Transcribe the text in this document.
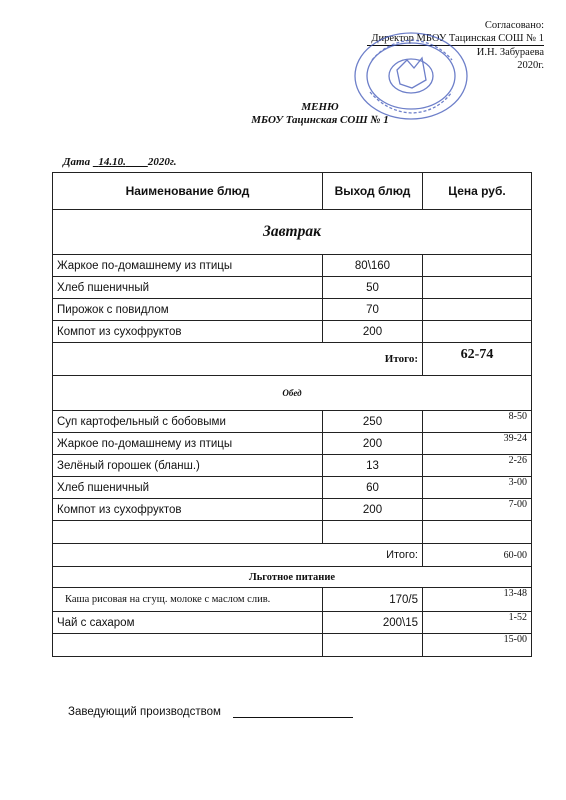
Согласовано:
Директор МБОУ Тацинская СОШ № 1
И.Н. Забураева
2020г.
МЕНЮ
МБОУ Тацинская СОШ № 1
Дата 14.10. 2020г.
Наименование блюд	Выход блюд	Цена руб.
Завтрак		
Жаркое по-домашнему из птицы	80\160	
Хлеб пшеничный	50	
Пирожок с повидлом	70	
Компот из сухофруктов	200	
Итого:		62-74
Обед		
Суп картофельный с бобовыми	250	8-50
Жаркое по-домашнему из птицы	200	39-24
Зелёный горошек (бланш.)	13	2-26
Хлеб пшеничный	60	3-00
Компот из сухофруктов	200	7-00

Итого:		60-00
Льготное питание		
Каша рисовая на сгущ. молоке с маслом слив.	170/5	13-48
Чай с сахаром	200\15	1-52
		15-00
Заведующий производством
